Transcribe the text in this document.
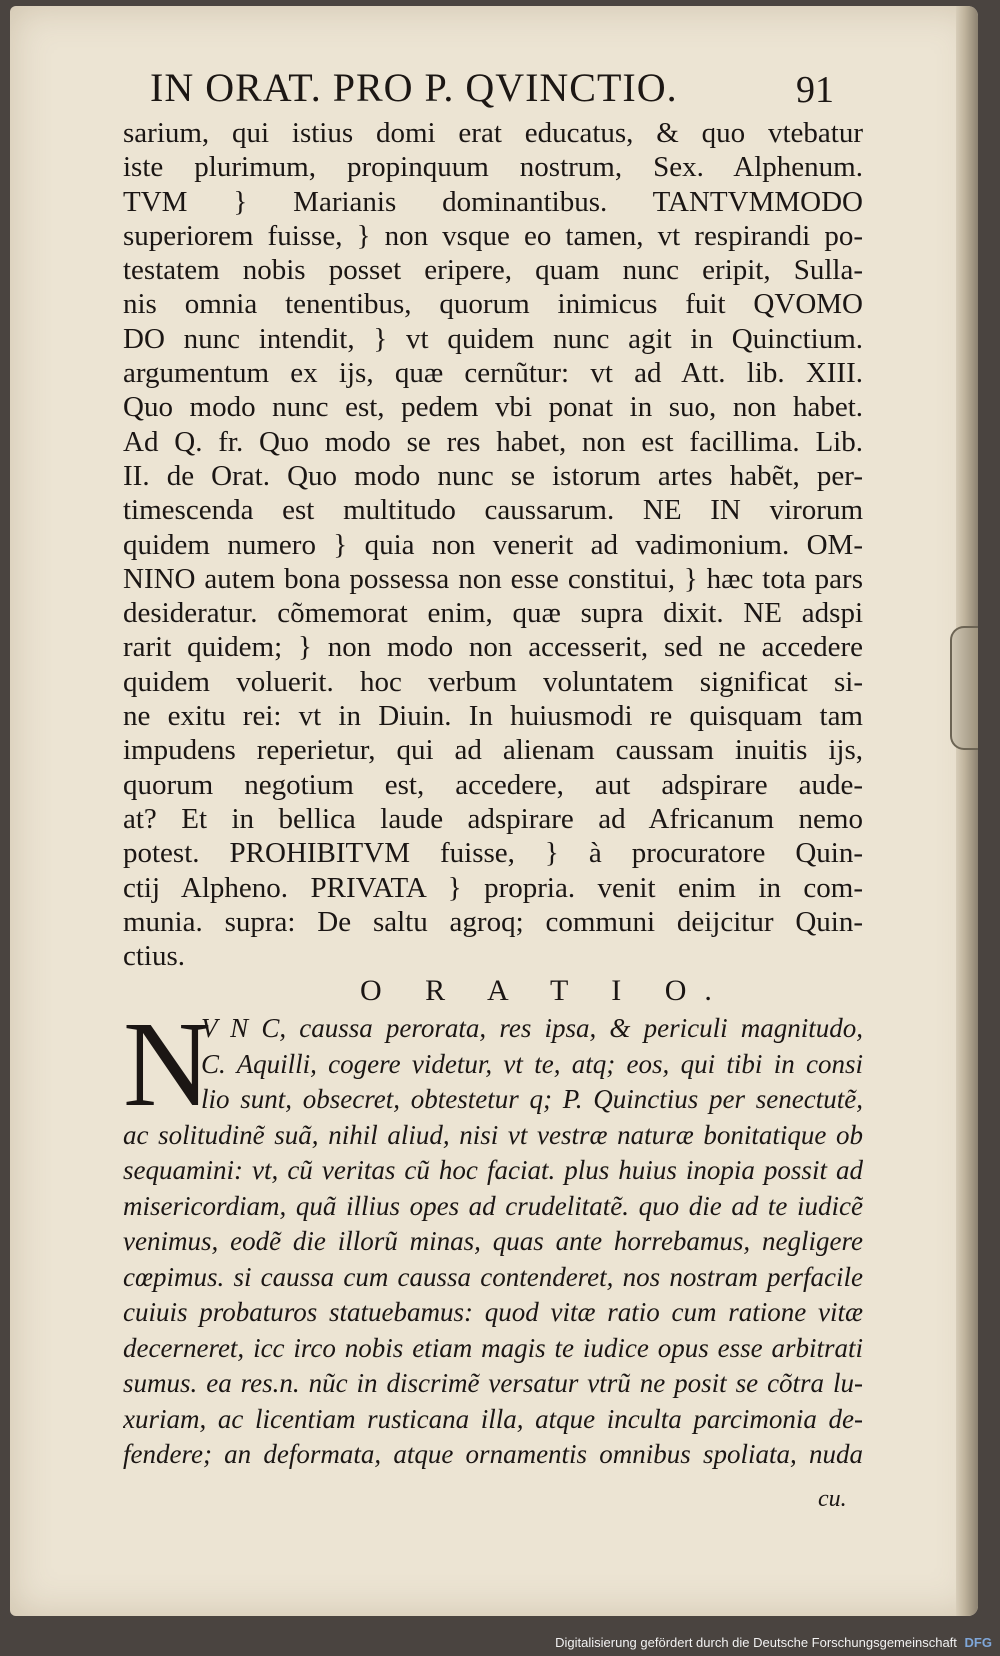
IN ORAT. PRO P. QVINCTIO.	91
sarium, qui istius domi erat educatus, & quo vtebatur
iste plurimum, propinquum nostrum, Sex. Alphenum.
TVM } Marianis dominantibus. TANTVMMODO
superiorem fuisse, } non vsque eo tamen, vt respirandi po-
testatem nobis posset eripere, quam nunc eripit, Sulla-
nis omnia tenentibus, quorum inimicus fuit QVOMO
DO nunc intendit, } vt quidem nunc agit in Quinctium.
argumentum ex ijs, quæ cernũtur: vt ad Att. lib. XIII.
Quo modo nunc est, pedem vbi ponat in suo, non habet.
Ad Q. fr. Quo modo se res habet, non est facillima. Lib.
II. de Orat. Quo modo nunc se istorum artes habẽt, per-
timescenda est multitudo caussarum. NE IN virorum
quidem numero } quia non venerit ad vadimonium. OM-
NINO autem bona possessa non esse constitui, } hæc tota pars
desideratur. cõmemorat enim, quæ supra dixit. NE adspi
rarit quidem; } non modo non accesserit, sed ne accedere
quidem voluerit. hoc verbum voluntatem significat si-
ne exitu rei: vt in Diuin. In huiusmodi re quisquam tam
impudens reperietur, qui ad alienam caussam inuitis ijs,
quorum negotium est, accedere, aut adspirare aude-
at? Et in bellica laude adspirare ad Africanum nemo
potest. PROHIBITVM fuisse, } à procuratore Quin-
ctij Alpheno. PRIVATA } propria. venit enim in com-
munia. supra: De saltu agroq; communi deijcitur Quin-
ctius.
O R A T I O.
N
V N C, caussa perorata, res ipsa, & periculi magnitudo,
C. Aquilli, cogere videtur, vt te, atq; eos, qui tibi in consi
lio sunt, obsecret, obtestetur q; P. Quinctius per senectutẽ,
ac solitudinẽ suã, nihil aliud, nisi vt vestræ naturæ bonitatique ob
sequamini: vt, cũ veritas cũ hoc faciat. plus huius inopia possit ad
misericordiam, quã illius opes ad crudelitatẽ. quo die ad te iudicẽ
venimus, eodẽ die illorũ minas, quas ante horrebamus, negligere
cœpimus. si caussa cum caussa contenderet, nos nostram perfacile
cuiuis probaturos statuebamus: quod vitæ ratio cum ratione vitæ
decerneret, icc irco nobis etiam magis te iudice opus esse arbitrati
sumus. ea res.n. nũc in discrimẽ versatur vtrũ ne posit se cõtra lu-
xuriam, ac licentiam rusticana illa, atque inculta parcimonia de-
fendere; an deformata, atque ornamentis omnibus spoliata, nuda
cu.
Digitalisierung gefördert durch die Deutsche Forschungsgemeinschaft DFG
